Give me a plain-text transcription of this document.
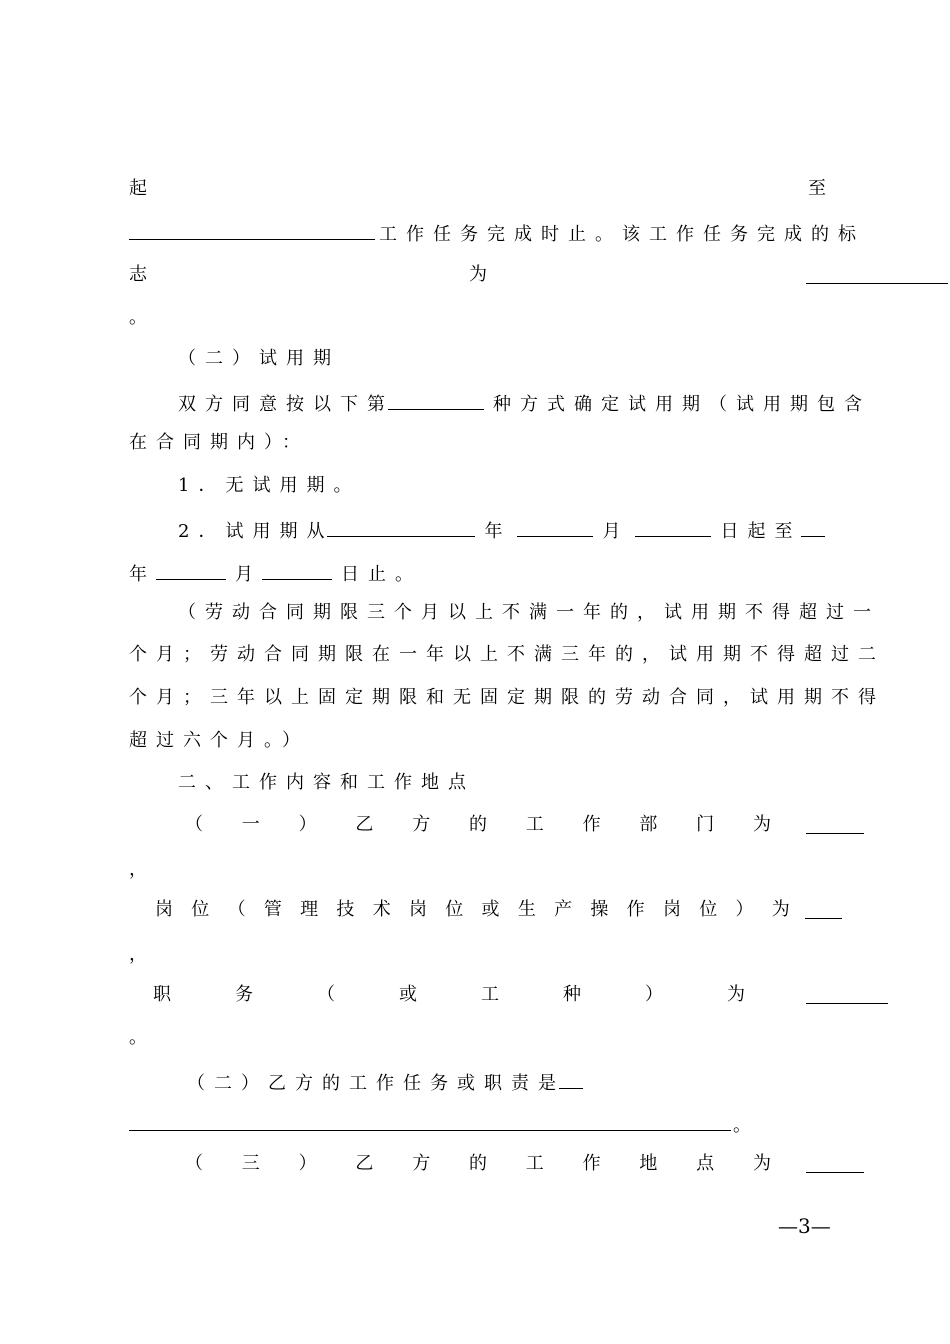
起	至
工作任务完成时止。该工作任务完成的标
志	为
。
（二）试用期
双方同意按以下第	种方式确定试用期（试用期包含
在合同期内）：
1．无试用期。
2．试用期从	年	月	日起至
年	月	日止。
（劳动合同期限三个月以上不满一年的，试用期不得超过一
个月；劳动合同期限在一年以上不满三年的，试用期不得超过二
个月；三年以上固定期限和无固定期限的劳动合同，试用期不得
超过六个月。）
二、工作内容和工作地点
（ 一 ） 乙 方 的 工 作 部 门 为
，
岗 位 （ 管 理 技 术 岗 位 或 生 产 操 作 岗 位 ） 为
，
职	务	（	或	工	种	）	为
。
（二）乙方的工作任务或职责是
。
（ 三 ） 乙 方 的 工 作 地 点 为
—3—
